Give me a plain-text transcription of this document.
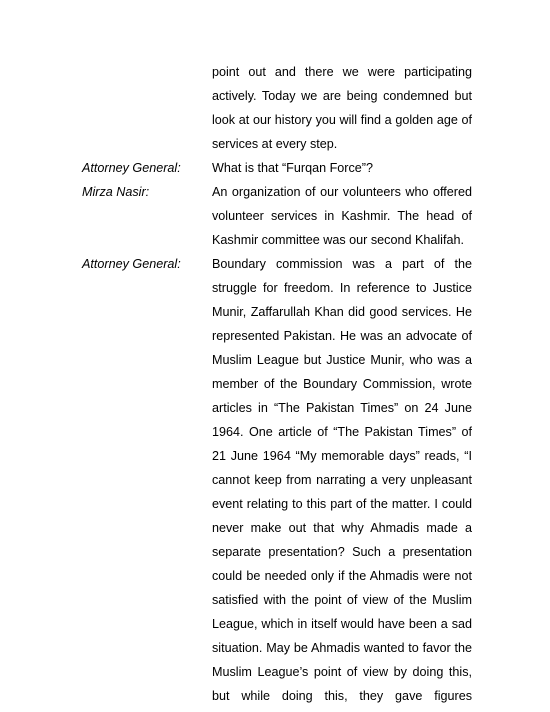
point out and there we were participating
actively. Today we are being condemned but
look at our history you will find a golden age of
services at every step.
Attorney General: What is that “Furqan Force”?
Mirza Nasir:	An organization of our volunteers who offered
volunteer services in Kashmir. The head of
Kashmir committee was our second Khalifah.
Attorney General: Boundary commission was a part of the
struggle for freedom. In reference to Justice
Munir, Zaffarullah Khan did good services. He
represented Pakistan. He was an advocate of
Muslim League but Justice Munir, who was a
member of the Boundary Commission, wrote
articles in “The Pakistan Times” on 24 June
1964. One article of “The Pakistan Times” of
21 June 1964 “My memorable days” reads, “I
cannot keep from narrating a very unpleasant
event relating to this part of the matter. I could
never make out that why Ahmadis made a
separate presentation? Such a presentation
could be needed only if the Ahmadis were not
satisfied with the point of view of the Muslim
League, which in itself would have been a sad
situation. May be Ahmadis wanted to favor the
Muslim League’s point of view by doing this,
but while doing this, they gave figures
